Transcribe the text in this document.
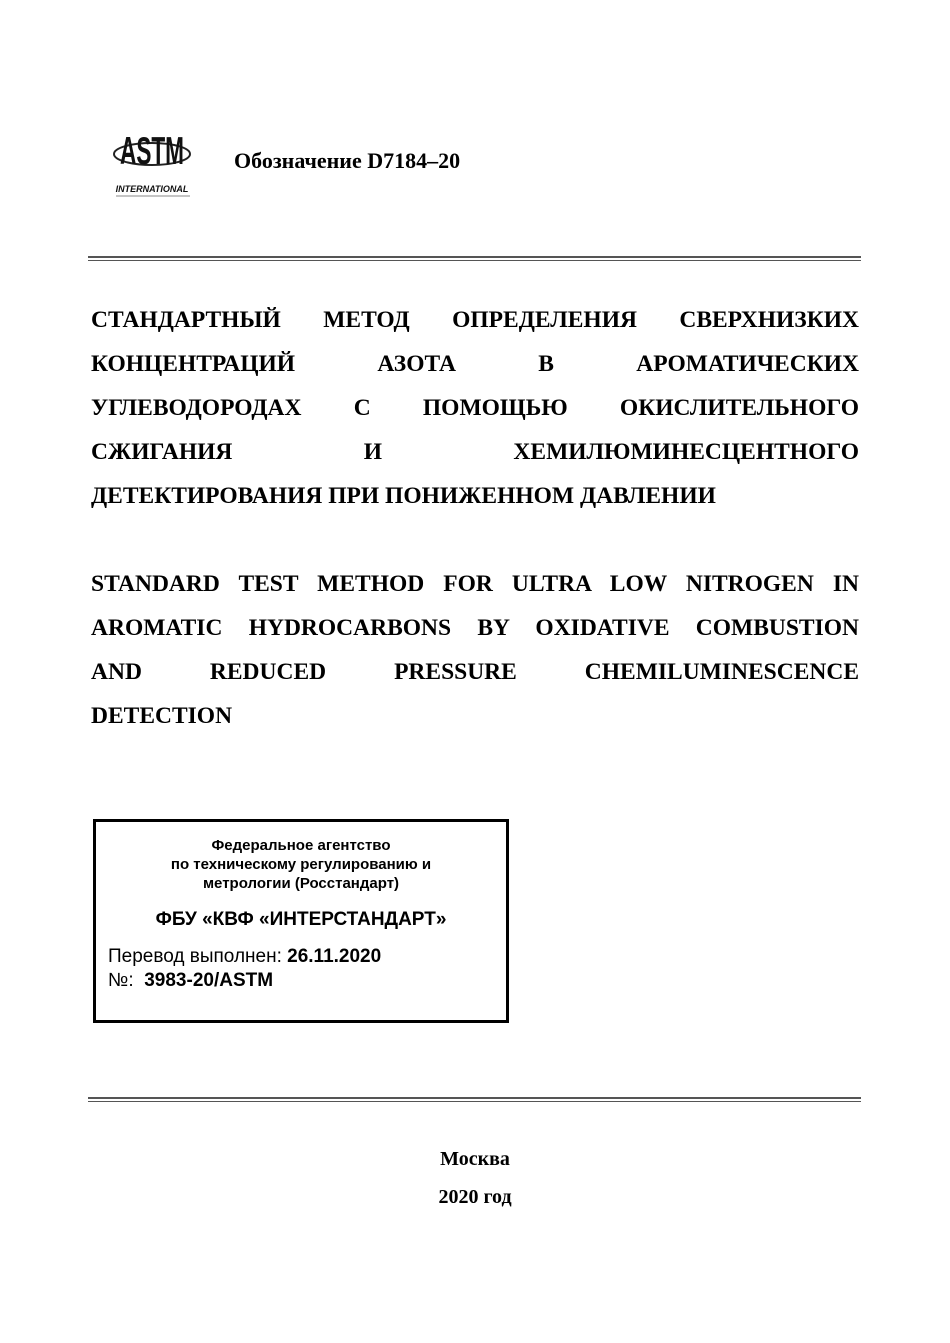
ASTM
INTERNATIONAL
Обозначение D7184–20
СТАНДАРТНЫЙ МЕТОД ОПРЕДЕЛЕНИЯ СВЕРХНИЗКИХ
КОНЦЕНТРАЦИЙ АЗОТА В АРОМАТИЧЕСКИХ
УГЛЕВОДОРОДАХ С ПОМОЩЬЮ ОКИСЛИТЕЛЬНОГО
СЖИГАНИЯ И ХЕМИЛЮМИНЕСЦЕНТНОГО
ДЕТЕКТИРОВАНИЯ ПРИ ПОНИЖЕННОМ ДАВЛЕНИИ
STANDARD TEST METHOD FOR ULTRA LOW NITROGEN IN
AROMATIC HYDROCARBONS BY OXIDATIVE COMBUSTION
AND REDUCED PRESSURE CHEMILUMINESCENCE
DETECTION
Федеральное агентство
по техническому регулированию и
метрологии (Росстандарт)
ФБУ «КВФ «ИНТЕРСТАНДАРТ»
Перевод выполнен: 26.11.2020
№:  3983-20/ASTM
Москва
2020 год
